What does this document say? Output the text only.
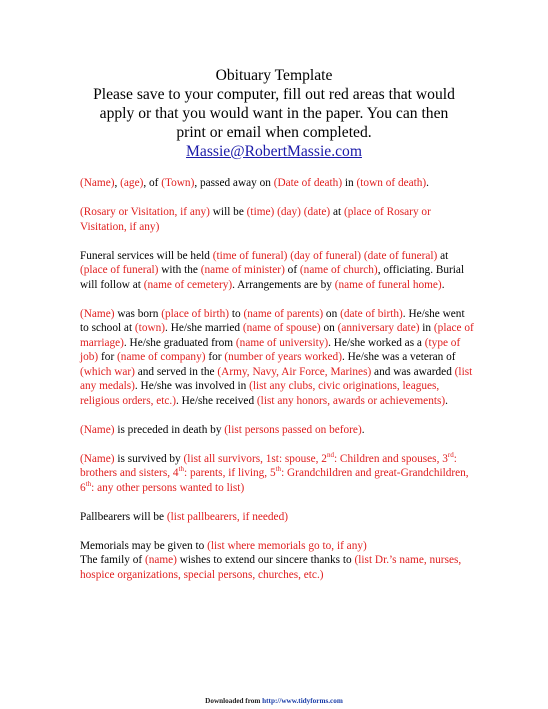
Obituary Template
Please save to your computer, fill out red areas that would
apply or that you would want in the paper. You can then
print or email when completed.
Massie@RobertMassie.com

(Name), (age), of (Town), passed away on (Date of death) in (town of death).

(Rosary or Visitation, if any) will be (time) (day) (date) at (place of Rosary or Visitation, if any)

Funeral services will be held (time of funeral) (day of funeral) (date of funeral) at (place of funeral) with the (name of minister) of (name of church), officiating. Burial will follow at (name of cemetery). Arrangements are by (name of funeral home).

(Name) was born (place of birth) to (name of parents) on (date of birth). He/she went to school at (town). He/she married (name of spouse) on (anniversary date) in (place of marriage). He/she graduated from (name of university). He/she worked as a (type of job) for (name of company) for (number of years worked). He/she was a veteran of (which war) and served in the (Army, Navy, Air Force, Marines) and was awarded (list any medals). He/she was involved in (list any clubs, civic originations, leagues, religious orders, etc.). He/she received (list any honors, awards or achievements).

(Name) is preceded in death by (list persons passed on before).

(Name) is survived by (list all survivors, 1st: spouse, 2nd: Children and spouses, 3rd: brothers and sisters, 4th: parents, if living, 5th: Grandchildren and great-Grandchildren, 6th: any other persons wanted to list)

Pallbearers will be (list pallbearers, if needed)

Memorials may be given to (list where memorials go to, if any)
The family of (name) wishes to extend our sincere thanks to (list Dr.’s name, nurses, hospice organizations, special persons, churches, etc.)

Downloaded from http://www.tidyforms.com
